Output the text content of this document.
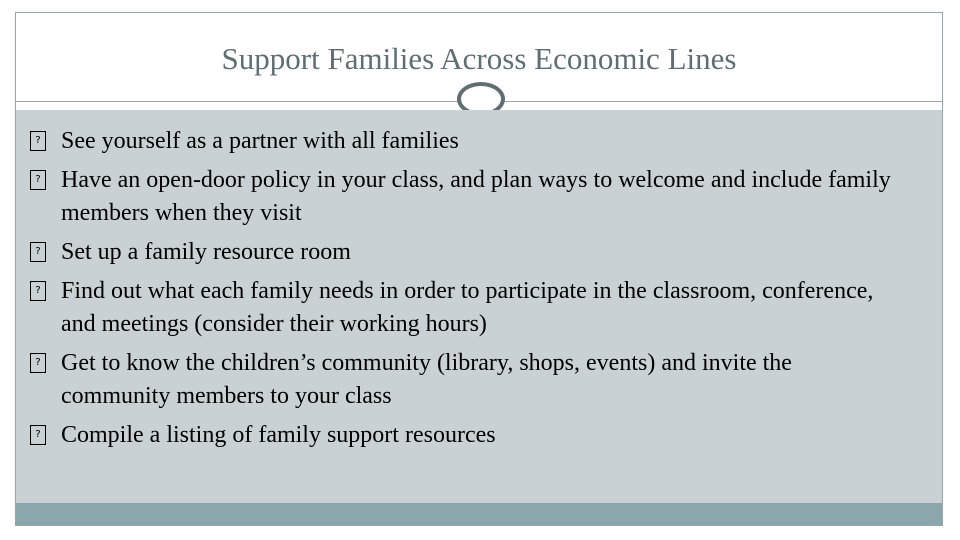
Support Families Across Economic Lines
? See yourself as a partner with all families
? Have an open-door policy in your class, and plan ways to welcome and include family members when they visit
? Set up a family resource room
? Find out what each family needs in order to participate in the classroom, conference, and meetings (consider their working hours)
? Get to know the children’s community (library, shops, events) and invite the community members to your class
? Compile a listing of family support resources
